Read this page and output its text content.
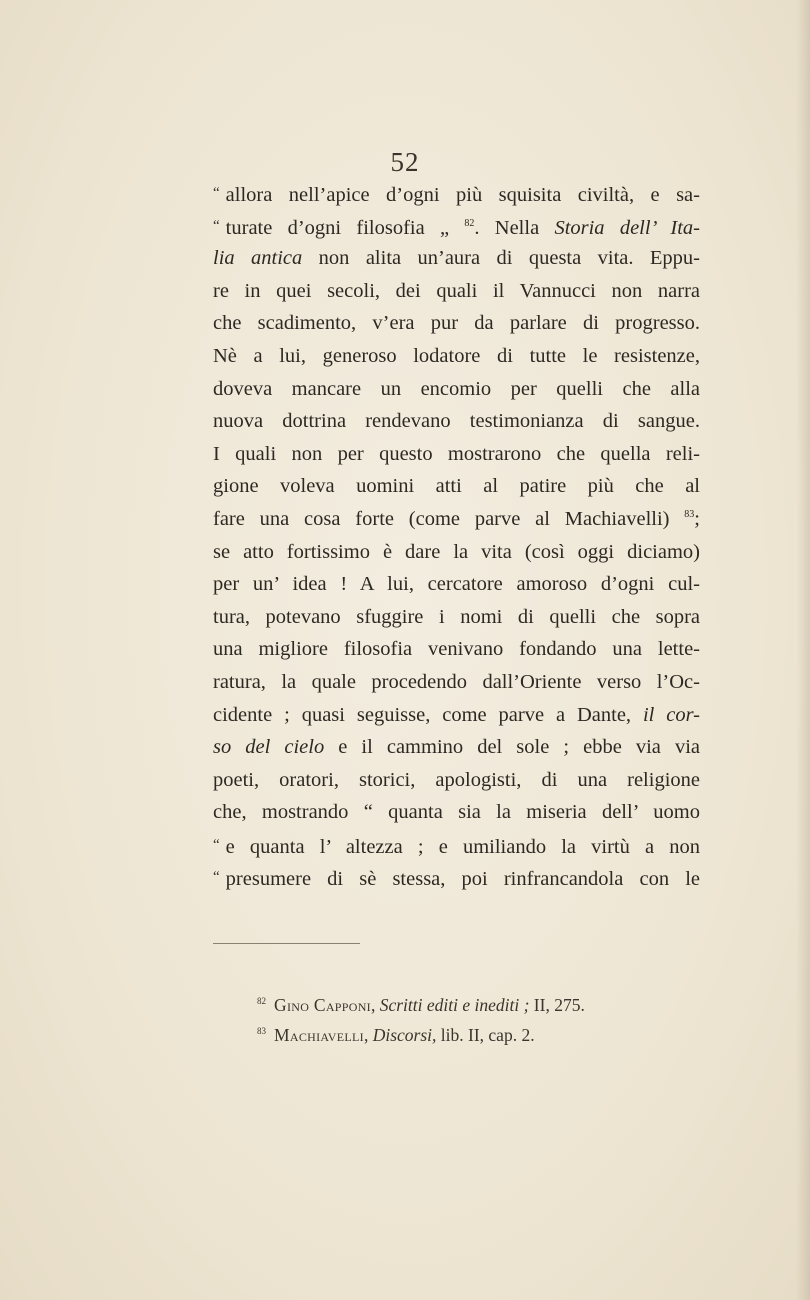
52
“ allora nell’apice d’ogni più squisita civiltà, e sa-
“ turate d’ogni filosofia „ $^{82}$. Nella Storia dell’ Ita-
lia antica non alita un’aura di questa vita. Eppu-
re in quei secoli, dei quali il Vannucci non narra
che scadimento, v’era pur da parlare di progresso.
Nè a lui, generoso lodatore di tutte le resistenze,
doveva mancare un encomio per quelli che alla
nuova dottrina rendevano testimonianza di sangue.
I quali non per questo mostrarono che quella reli-
gione voleva uomini atti al patire più che al
fare una cosa forte (come parve al Machiavelli) $^{83}$;
se atto fortissimo è dare la vita (così oggi diciamo)
per un’ idea ! A lui, cercatore amoroso d’ogni cul-
tura, potevano sfuggire i nomi di quelli che sopra
una migliore filosofia venivano fondando una lette-
ratura, la quale procedendo dall’Oriente verso l’Oc-
cidente ; quasi seguisse, come parve a Dante, il cor-
so del cielo e il cammino del sole ; ebbe via via
poeti, oratori, storici, apologisti, di una religione
che, mostrando “ quanta sia la miseria dell’ uomo
“ e quanta l’ altezza ; e umiliando la virtù a non
“ presumere di sè stessa, poi rinfrancandola con le
$^{82}$ Gino Capponi, Scritti editi e inediti ; II, 275.
$^{83}$ Machiavelli, Discorsi, lib. II, cap. 2.
